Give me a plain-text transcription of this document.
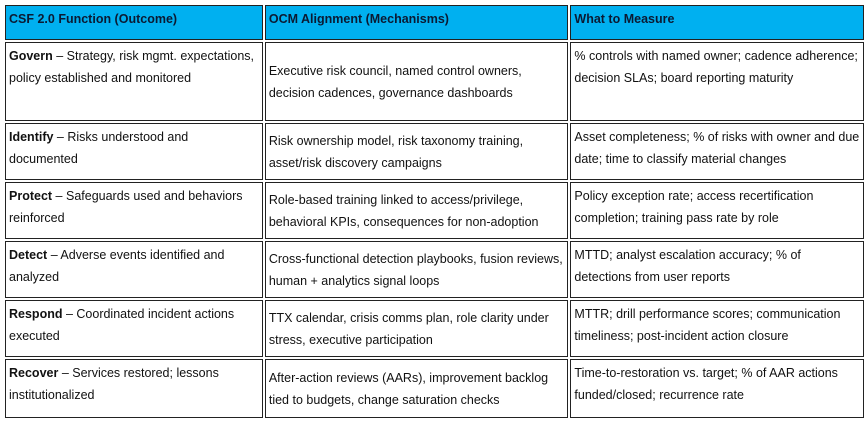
CSF 2.0 Function (Outcome)	OCM Alignment (Mechanisms)	What to Measure
Govern – Strategy, risk mgmt. expectations, policy established and monitored	Executive risk council, named control owners, decision cadences, governance dashboards	% controls with named owner; cadence adherence; decision SLAs; board reporting maturity
Identify – Risks understood and documented	Risk ownership model, risk taxonomy training, asset/risk discovery campaigns	Asset completeness; % of risks with owner and due date; time to classify material changes
Protect – Safeguards used and behaviors reinforced	Role-based training linked to access/privilege, behavioral KPIs, consequences for non-adoption	Policy exception rate; access recertification completion; training pass rate by role
Detect – Adverse events identified and analyzed	Cross-functional detection playbooks, fusion reviews, human + analytics signal loops	MTTD; analyst escalation accuracy; % of detections from user reports
Respond – Coordinated incident actions executed	TTX calendar, crisis comms plan, role clarity under stress, executive participation	MTTR; drill performance scores; communication timeliness; post-incident action closure
Recover – Services restored; lessons institutionalized	After-action reviews (AARs), improvement backlog tied to budgets, change saturation checks	Time-to-restoration vs. target; % of AAR actions funded/closed; recurrence rate
